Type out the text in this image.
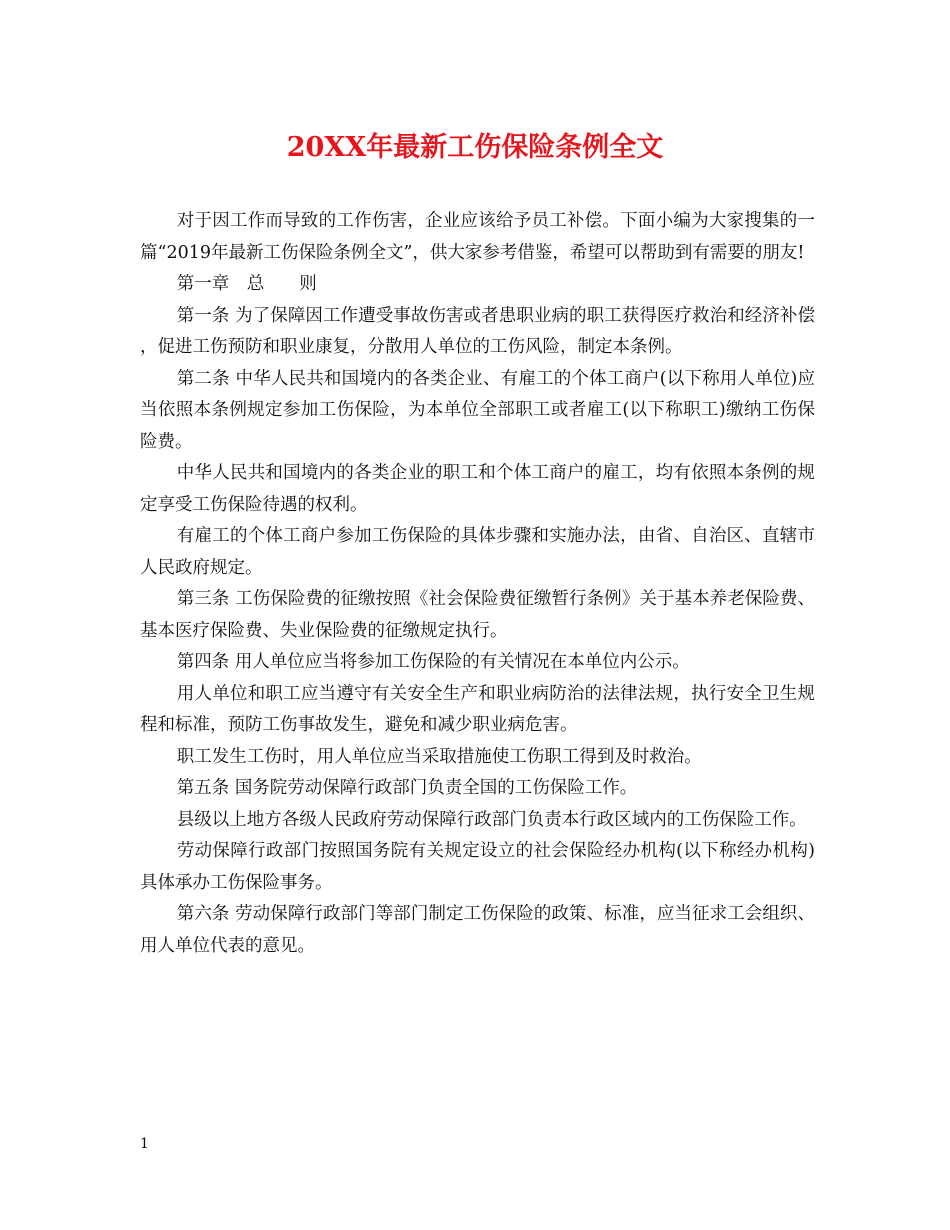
20XX年最新工伤保险条例全文

对于因工作而导致的工作伤害，企业应该给予员工补偿。下面小编为大家搜集的一篇“2019年最新工伤保险条例全文”，供大家参考借鉴，希望可以帮助到有需要的朋友!

第一章　总　　则

第一条 为了保障因工作遭受事故伤害或者患职业病的职工获得医疗救治和经济补偿，促进工伤预防和职业康复，分散用人单位的工伤风险，制定本条例。

第二条 中华人民共和国境内的各类企业、有雇工的个体工商户(以下称用人单位)应当依照本条例规定参加工伤保险，为本单位全部职工或者雇工(以下称职工)缴纳工伤保险费。

中华人民共和国境内的各类企业的职工和个体工商户的雇工，均有依照本条例的规定享受工伤保险待遇的权利。

有雇工的个体工商户参加工伤保险的具体步骤和实施办法，由省、自治区、直辖市人民政府规定。

第三条 工伤保险费的征缴按照《社会保险费征缴暂行条例》关于基本养老保险费、基本医疗保险费、失业保险费的征缴规定执行。

第四条 用人单位应当将参加工伤保险的有关情况在本单位内公示。

用人单位和职工应当遵守有关安全生产和职业病防治的法律法规，执行安全卫生规程和标准，预防工伤事故发生，避免和减少职业病危害。

职工发生工伤时，用人单位应当采取措施使工伤职工得到及时救治。

第五条 国务院劳动保障行政部门负责全国的工伤保险工作。

县级以上地方各级人民政府劳动保障行政部门负责本行政区域内的工伤保险工作。

劳动保障行政部门按照国务院有关规定设立的社会保险经办机构(以下称经办机构)具体承办工伤保险事务。

第六条 劳动保障行政部门等部门制定工伤保险的政策、标准，应当征求工会组织、用人单位代表的意见。

1
